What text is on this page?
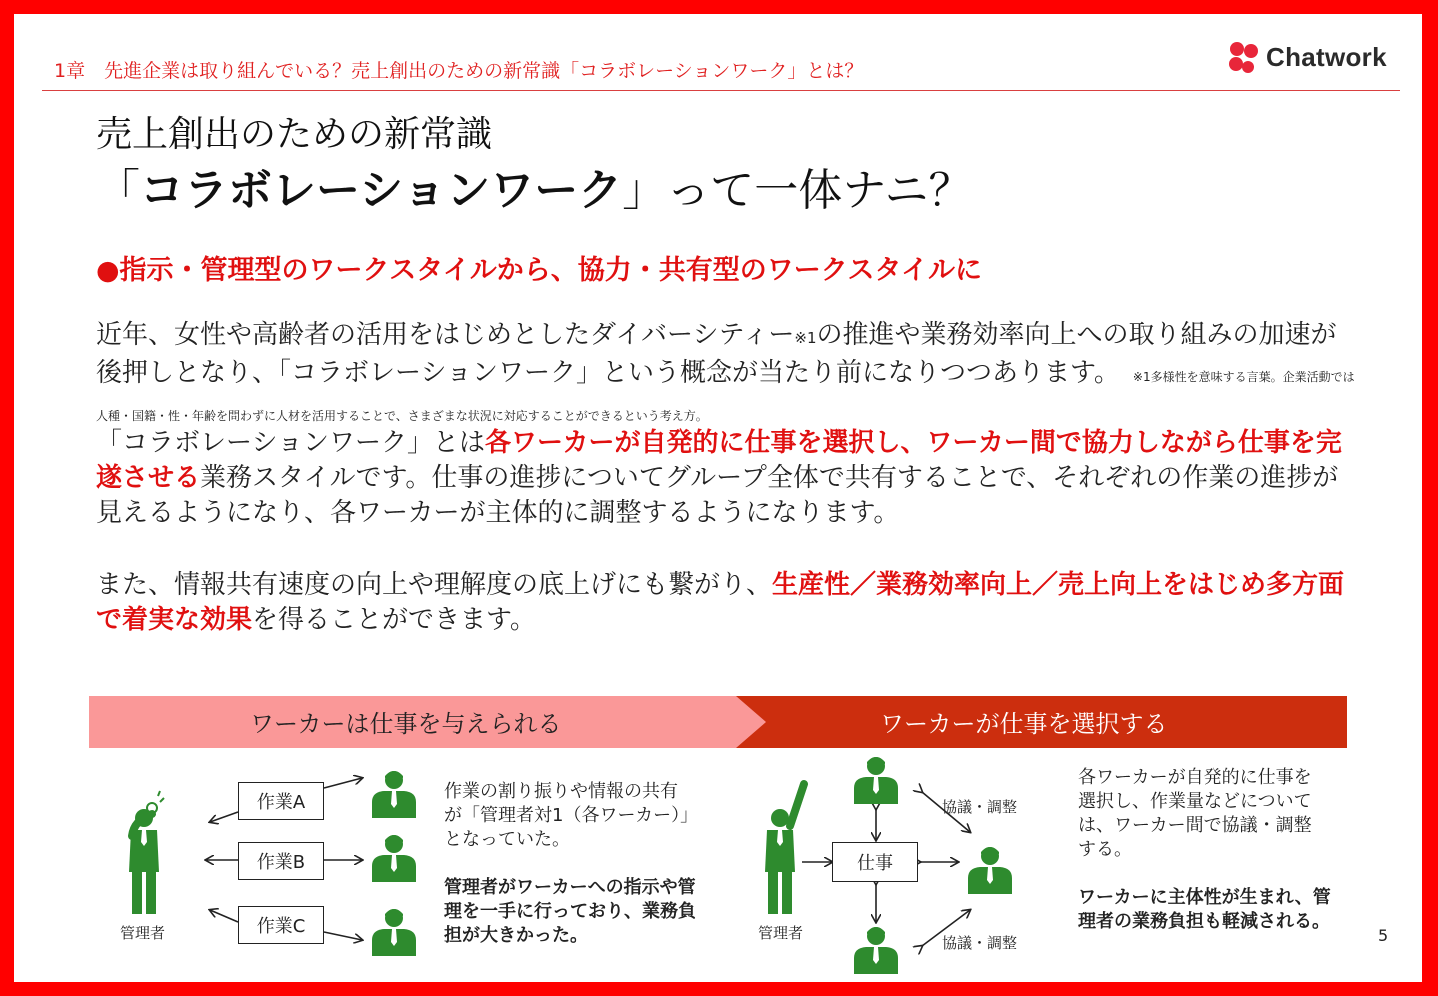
1章　先進企業は取り組んでいる？売上創出のための新常識「コラボレーションワーク」とは？	Chatwork
売上創出のための新常識
「コラボレーションワーク」って一体ナニ？
●指示・管理型のワークスタイルから、協力・共有型のワークスタイルに
近年、女性や高齢者の活用をはじめとしたダイバーシティー※1の推進や業務効率向上への取り組みの加速が後押しとなり、「コラボレーションワーク」という概念が当たり前になりつつあります。　 ※1多様性を意味する言葉。企業活動では人種・国籍・性・年齢を問わずに人材を活用することで、さまざまな状況に対応することができるという考え方。
「コラボレーションワーク」とは各ワーカーが自発的に仕事を選択し、ワーカー間で協力しながら仕事を完遂させる業務スタイルです。仕事の進捗についてグループ全体で共有することで、それぞれの作業の進捗が見えるようになり、各ワーカーが主体的に調整するようになります。
また、情報共有速度の向上や理解度の底上げにも繋がり、生産性／業務効率向上／売上向上をはじめ多方面で着実な効果を得ることができます。
ワーカーは仕事を与えられる	ワーカーが仕事を選択する
作業A
作業B
作業C
管理者
作業の割り振りや情報の共有が「管理者対1（各ワーカー）」となっていた。
管理者がワーカーへの指示や管理を一手に行っており、業務負担が大きかった。
仕事
管理者
協議・調整
協議・調整
各ワーカーが自発的に仕事を選択し、作業量などについては、ワーカー間で協議・調整する。
ワーカーに主体性が生まれ、管理者の業務負担も軽減される。
5
